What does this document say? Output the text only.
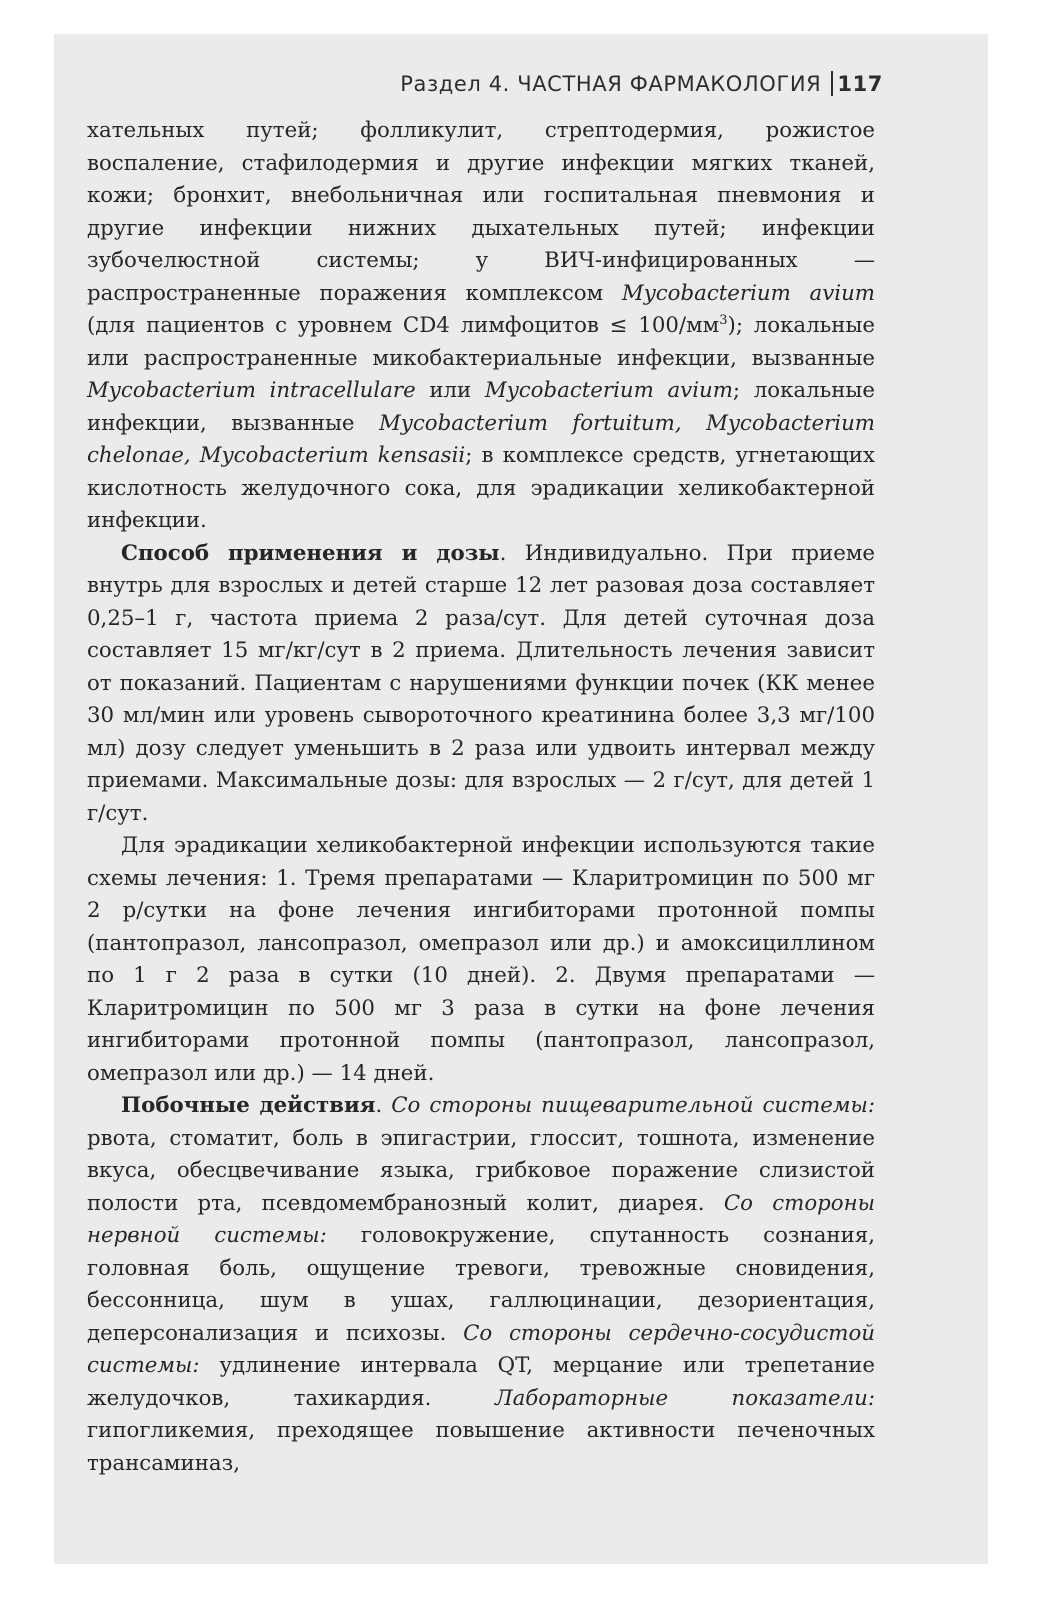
Раздел 4. ЧАСТНАЯ ФАРМАКОЛОГИЯ 117

хательных путей; фолликулит, стрептодермия, рожистое воспаление, стафилодермия и другие инфекции мягких тканей, кожи; бронхит, внебольничная или госпитальная пневмония и другие инфекции нижних дыхательных путей; инфекции зубочелюстной системы; у ВИЧ-инфицированных — распространенные поражения комплексом Mycobacterium avium (для пациентов с уровнем CD4 лимфоцитов ≤ $100/мм^3$); локальные или распространенные микобактериальные инфекции, вызванные Mycobacterium intracellulare или Mycobacterium avium; локальные инфекции, вызванные Mycobacterium fortuitum, Mycobacterium chelonae, Mycobacterium kensasii; в комплексе средств, угнетающих кислотность желудочного сока, для эрадикации хеликобактерной инфекции.

Способ применения и дозы. Индивидуально. При приеме внутрь для взрослых и детей старше 12 лет разовая доза составляет 0,25–1 г, частота приема 2 раза/сут. Для детей суточная доза составляет 15 мг/кг/сут в 2 приема. Длительность лечения зависит от показаний. Пациентам с нарушениями функции почек (КК менее 30 мл/мин или уровень сывороточного креатинина более 3,3 мг/100 мл) дозу следует уменьшить в 2 раза или удвоить интервал между приемами. Максимальные дозы: для взрослых — 2 г/сут, для детей 1 г/сут.

Для эрадикации хеликобактерной инфекции используются такие схемы лечения: 1. Тремя препаратами — Кларитромицин по 500 мг 2 р/сутки на фоне лечения ингибиторами протонной помпы (пантопразол, лансопразол, омепразол или др.) и амоксициллином по 1 г 2 раза в сутки (10 дней). 2. Двумя препаратами — Кларитромицин по 500 мг 3 раза в сутки на фоне лечения ингибиторами протонной помпы (пантопразол, лансопразол, омепразол или др.) — 14 дней.

Побочные действия. Со стороны пищеварительной системы: рвота, стоматит, боль в эпигастрии, глоссит, тошнота, изменение вкуса, обесцвечивание языка, грибковое поражение слизистой полости рта, псевдомембранозный колит, диарея. Со стороны нервной системы: головокружение, спутанность сознания, головная боль, ощущение тревоги, тревожные сновидения, бессонница, шум в ушах, галлюцинации, дезориентация, деперсонализация и психозы. Со стороны сердечно-сосудистой системы: удлинение интервала QT, мерцание или трепетание желудочков, тахикардия. Лабораторные показатели: гипогликемия, преходящее повышение активности печеночных трансаминаз,
